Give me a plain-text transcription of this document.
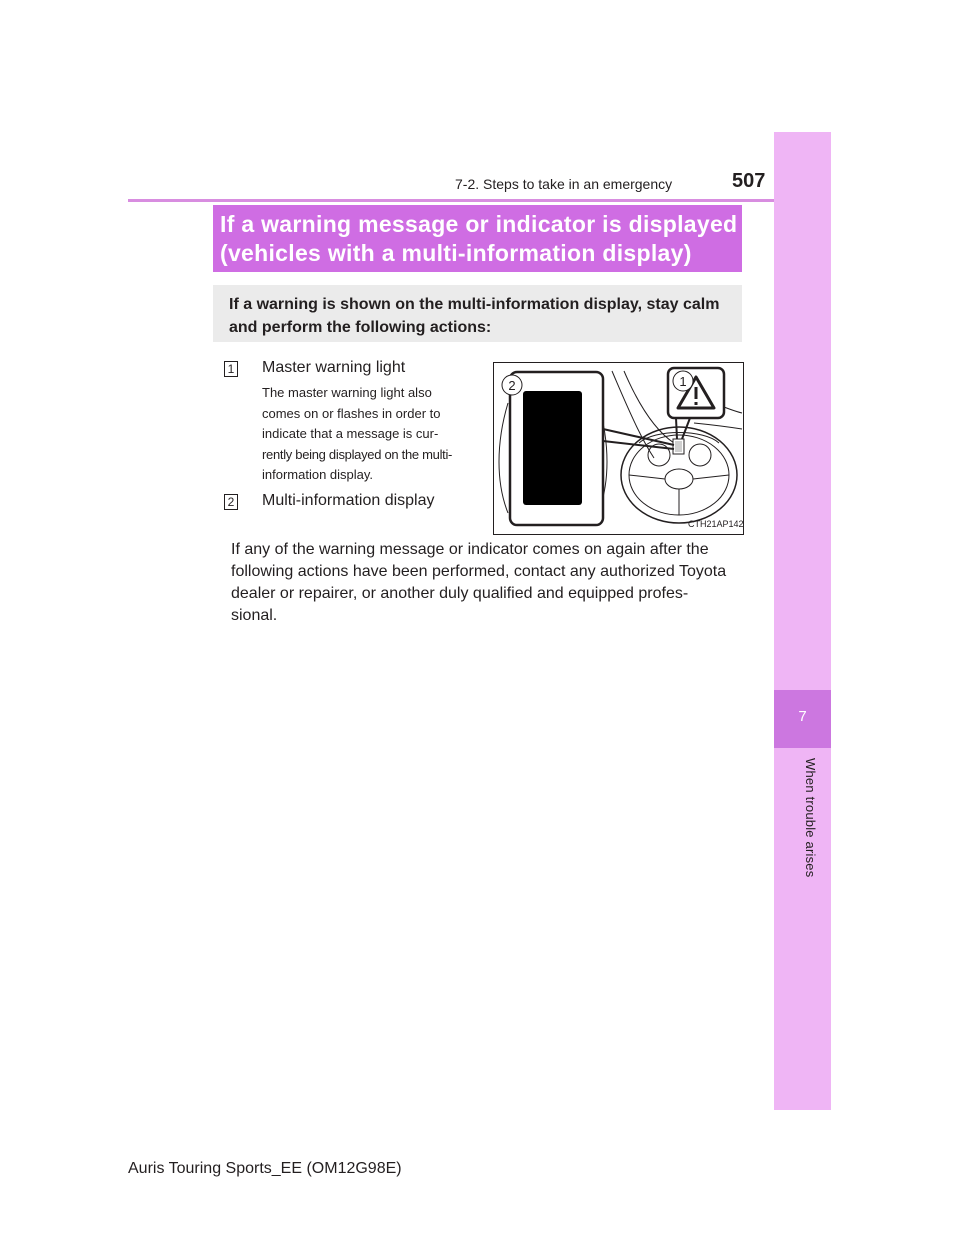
7-2. Steps to take in an emergency	507
7
When trouble arises
If a warning message or indicator is displayed
(vehicles with a multi-information display)
If a warning is shown on the multi-information display, stay calm
and perform the following actions:
1 Master warning light
The master warning light also
comes on or flashes in order to
indicate that a message is cur-
rently being displayed on the multi-
information display.
2 Multi-information display
If any of the warning message or indicator comes on again after the
following actions have been performed, contact any authorized Toyota
dealer or repairer, or another duly qualified and equipped profes-
sional.
2	1
CTH21AP142
Auris Touring Sports_EE (OM12G98E)
